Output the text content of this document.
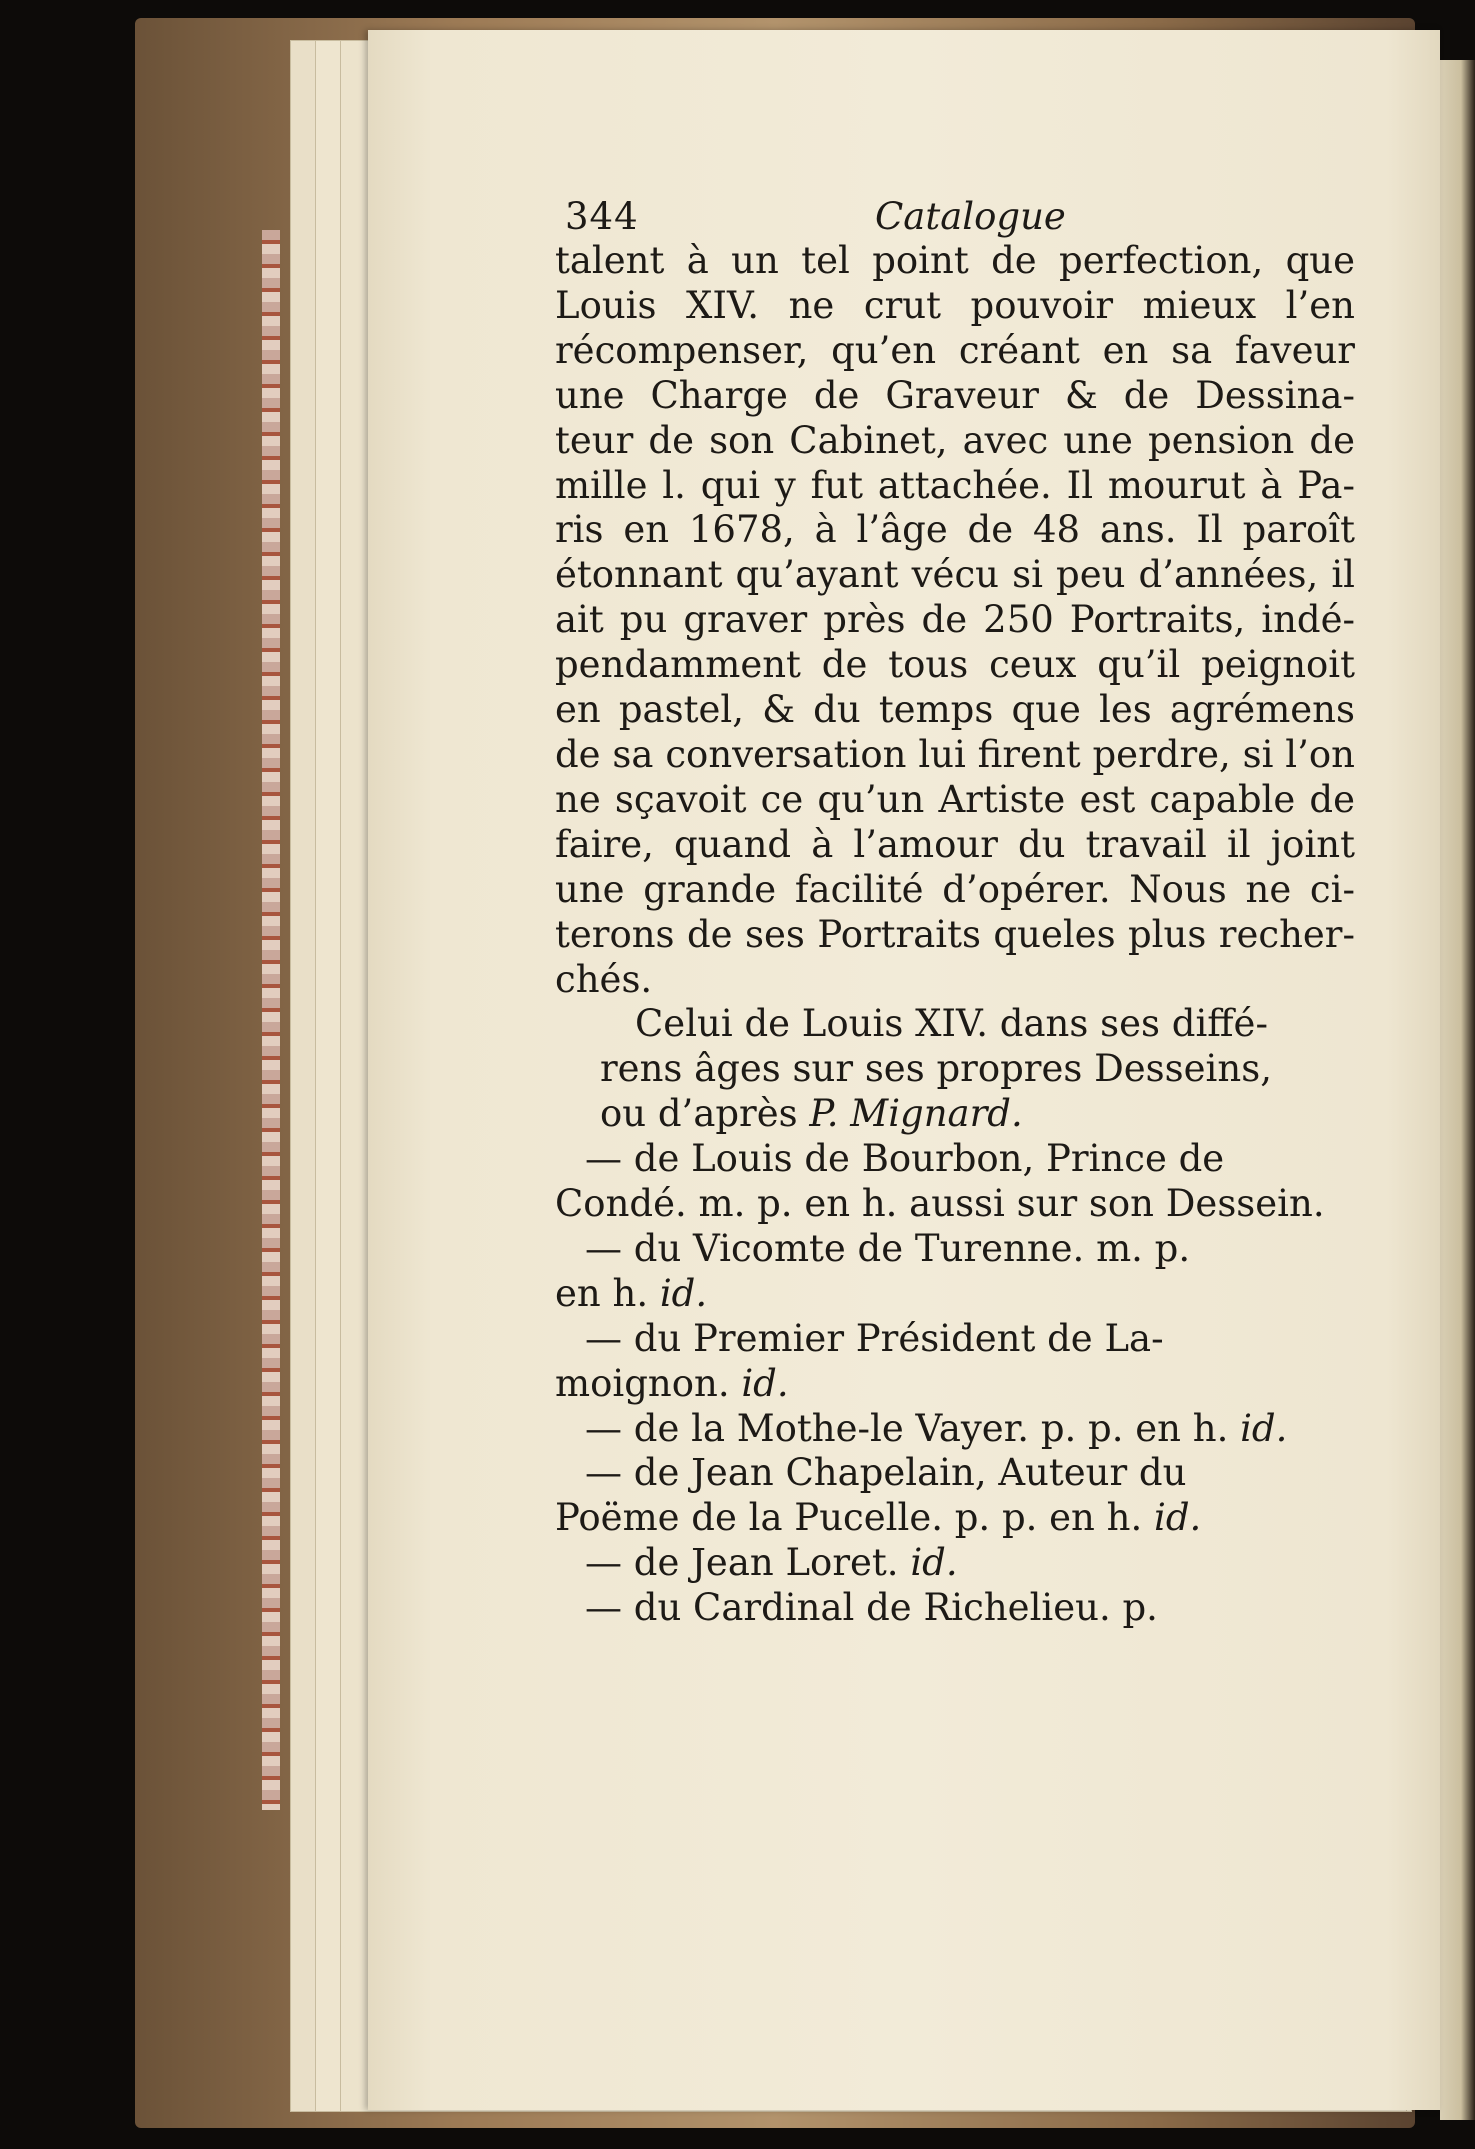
344	Catalogue
talent à un tel point de perfection, que
Louis XIV. ne crut pouvoir mieux l’en
récompenser, qu’en créant en sa faveur
une Charge de Graveur & de Dessina-
teur de son Cabinet, avec une pension de
mille l. qui y fut attachée. Il mourut à Pa-
ris en 1678, à l’âge de 48 ans. Il paroît
étonnant qu’ayant vécu si peu d’années, il
ait pu graver près de 250 Portraits, indé-
pendamment de tous ceux qu’il peignoit
en pastel, & du temps que les agrémens
de sa conversation lui firent perdre, si l’on
ne sçavoit ce qu’un Artiste est capable de
faire, quand à l’amour du travail il joint
une grande facilité d’opérer. Nous ne ci-
terons de ses Portraits queles plus recher-
chés.
Celui de Louis XIV. dans ses diffé-
rens âges sur ses propres Desseins,
ou d’après P. Mignard.
— de Louis de Bourbon, Prince de
Condé. m. p. en h. aussi sur son Dessein.
— du Vicomte de Turenne. m. p.
en h. id.
— du Premier Président de La-
moignon. id.
— de la Mothe-le Vayer. p. p. en h. id.
— de Jean Chapelain, Auteur du
Poëme de la Pucelle. p. p. en h. id.
— de Jean Loret. id.
— du Cardinal de Richelieu. p.
